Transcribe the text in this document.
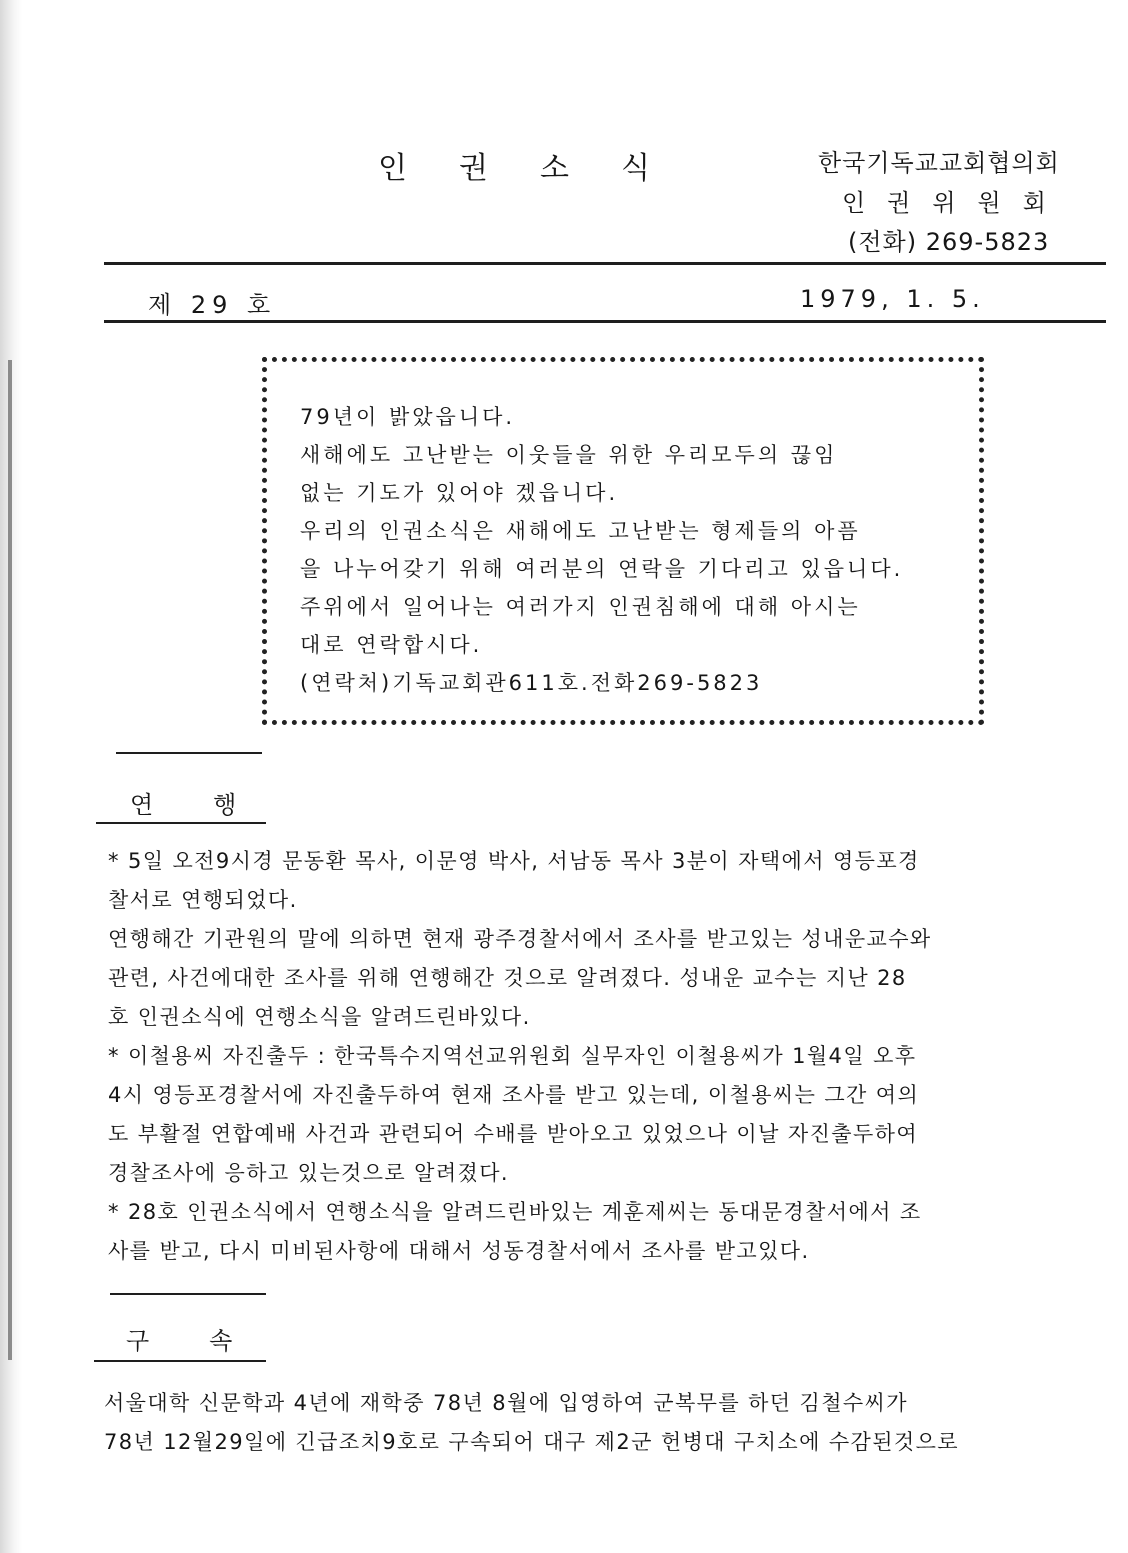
인권소식	한국기독교교회협의회
인권위원회
(전화) 269-5823
제 29 호	1979, 1. 5.
79년이 밝았읍니다.
새해에도 고난받는 이웃들을 위한 우리모두의 끊임
없는 기도가 있어야 겠읍니다.
우리의 인권소식은 새해에도 고난받는 형제들의 아픔
을 나누어갖기 위해 여러분의 연락을 기다리고 있읍니다.
주위에서 일어나는 여러가지 인권침해에 대해 아시는
대로 연락합시다.
(연락처)기독교회관611호.전화269-5823
연행
* 5일 오전9시경 문동환 목사, 이문영 박사, 서남동 목사 3분이 자택에서 영등포경
찰서로 연행되었다.
연행해간 기관원의 말에 의하면 현재 광주경찰서에서 조사를 받고있는 성내운교수와
관련, 사건에대한 조사를 위해 연행해간 것으로 알려졌다. 성내운 교수는 지난 28
호 인권소식에 연행소식을 알려드린바있다.
* 이철용씨 자진출두 : 한국특수지역선교위원회 실무자인 이철용씨가 1월4일 오후
4시 영등포경찰서에 자진출두하여 현재 조사를 받고 있는데, 이철용씨는 그간 여의
도 부활절 연합예배 사건과 관련되어 수배를 받아오고 있었으나 이날 자진출두하여
경찰조사에 응하고 있는것으로 알려졌다.
* 28호 인권소식에서 연행소식을 알려드린바있는 계훈제씨는 동대문경찰서에서 조
사를 받고, 다시 미비된사항에 대해서 성동경찰서에서 조사를 받고있다.
구속
서울대학 신문학과 4년에 재학중 78년 8월에 입영하여 군복무를 하던 김철수씨가
78년 12월29일에 긴급조치9호로 구속되어 대구 제2군 헌병대 구치소에 수감된것으로
